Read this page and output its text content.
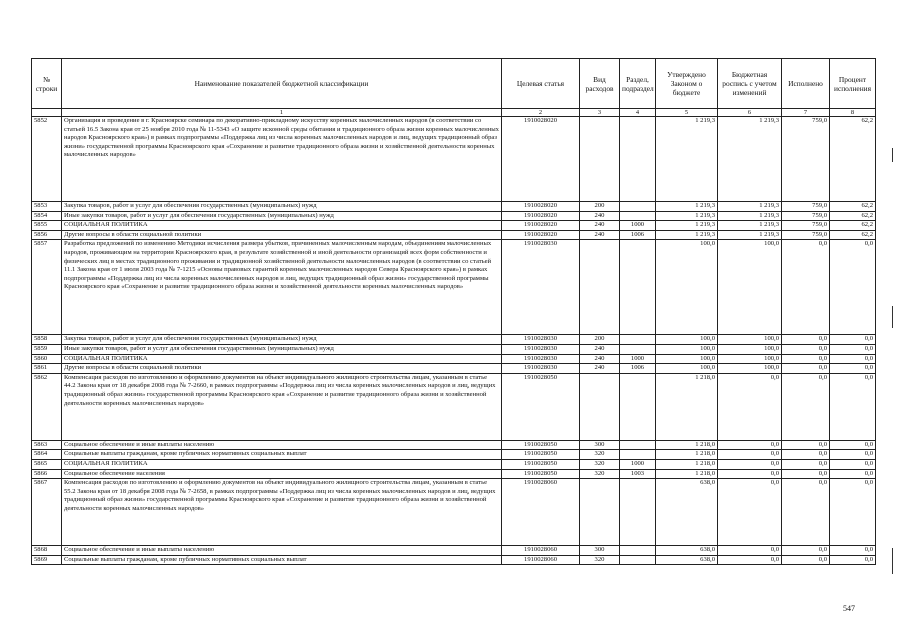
№ строки	Наименование показателей бюджетной классификации	Целевая статья	Вид расходов	Раздел, подраздел	Утверждено Законом о бюджете	Бюджетная роспись с учетом изменений	Исполнено	Процент исполнения
	1	2	3	4	5	6	7	8
5852	Организация и проведение в г. Красноярске семинара по декоративно-прикладному искусству коренных малочисленных народов (в соответствии со статьей 16.5 Закона края от 25 ноября 2010 года № 11-5343 «О защите исконной среды обитания и традиционного образа жизни коренных малочисленных народов Красноярского края») в рамках подпрограммы «Поддержка лиц из числа коренных малочисленных народов и лиц, ведущих традиционный образ жизни» государственной программы Красноярского края «Сохранение и развитие традиционного образа жизни и хозяйственной деятельности коренных малочисленных народов»	1910028020			1 219,3	1 219,3	759,0	62,2
5853	Закупка товаров, работ и услуг для обеспечения государственных (муниципальных) нужд	1910028020	200		1 219,3	1 219,3	759,0	62,2
5854	Иные закупки товаров, работ и услуг для обеспечения государственных (муниципальных) нужд	1910028020	240		1 219,3	1 219,3	759,0	62,2
5855	СОЦИАЛЬНАЯ ПОЛИТИКА	1910028020	240	1000	1 219,3	1 219,3	759,0	62,2
5856	Другие вопросы в области социальной политики	1910028020	240	1006	1 219,3	1 219,3	759,0	62,2
5857	Разработка предложений по изменению Методики исчисления размера убытков, причиненных малочисленным народам, объединениям малочисленных народов, проживающим на территории Красноярского края, в результате хозяйственной и иной деятельности организаций всех форм собственности и физических лиц в местах традиционного проживания и традиционной хозяйственной деятельности малочисленных народов (в соответствии со статьей 11.1 Закона края от 1 июля 2003 года № 7-1215 «Основы правовых гарантий коренных малочисленных народов Севера Красноярского края») в рамках подпрограммы «Поддержка лиц из числа коренных малочисленных народов и лиц, ведущих традиционный образ жизни» государственной программы Красноярского края «Сохранение и развитие традиционного образа жизни и хозяйственной деятельности коренных малочисленных народов»	1910028030			100,0	100,0	0,0	0,0
5858	Закупка товаров, работ и услуг для обеспечения государственных (муниципальных) нужд	1910028030	200		100,0	100,0	0,0	0,0
5859	Иные закупки товаров, работ и услуг для обеспечения государственных (муниципальных) нужд	1910028030	240		100,0	100,0	0,0	0,0
5860	СОЦИАЛЬНАЯ ПОЛИТИКА	1910028030	240	1000	100,0	100,0	0,0	0,0
5861	Другие вопросы в области социальной политики	1910028030	240	1006	100,0	100,0	0,0	0,0
5862	Компенсация расходов по изготовлению и оформлению документов на объект индивидуального жилищного строительства лицам, указанным в статье 44.2 Закона края от 18 декабря 2008 года № 7-2660, в рамках подпрограммы «Поддержка лиц из числа коренных малочисленных народов и лиц, ведущих традиционный образ жизни» государственной программы Красноярского края «Сохранение и развитие традиционного образа жизни и хозяйственной деятельности коренных малочисленных народов»	1910028050			1 218,0	0,0	0,0	0,0
5863	Социальное обеспечение и иные выплаты населению	1910028050	300		1 218,0	0,0	0,0	0,0
5864	Социальные выплаты гражданам, кроме публичных нормативных социальных выплат	1910028050	320		1 218,0	0,0	0,0	0,0
5865	СОЦИАЛЬНАЯ ПОЛИТИКА	1910028050	320	1000	1 218,0	0,0	0,0	0,0
5866	Социальное обеспечение населения	1910028050	320	1003	1 218,0	0,0	0,0	0,0
5867	Компенсация расходов по изготовлению и оформлению документов на объект индивидуального жилищного строительства лицам, указанным в статье 55.2 Закона края от 18 декабря 2008 года № 7-2658, в рамках подпрограммы «Поддержка лиц из числа коренных малочисленных народов и лиц, ведущих традиционный образ жизни» государственной программы Красноярского края «Сохранение и развитие традиционного образа жизни и хозяйственной деятельности коренных малочисленных народов»	1910028060			638,0	0,0	0,0	0,0
5868	Социальное обеспечение и иные выплаты населению	1910028060	300		638,0	0,0	0,0	0,0
5869	Социальные выплаты гражданам, кроме публичных нормативных социальных выплат	1910028060	320		638,0	0,0	0,0	0,0
547
